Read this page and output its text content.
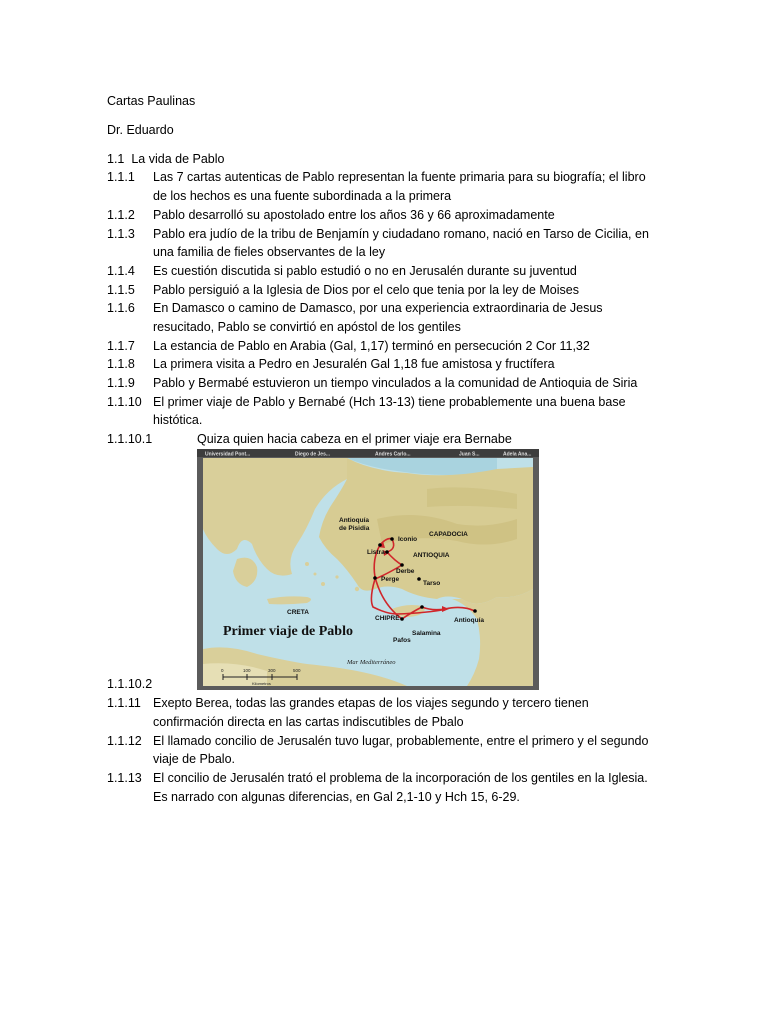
Cartas Paulinas
Dr. Eduardo
1.1 La vida de Pablo
1.1.1 Las 7 cartas autenticas de Pablo representan la fuente primaria para su biografía; el libro
de los hechos es una fuente subordinada a la primera
1.1.2 Pablo desarrolló su apostolado entre los años 36 y 66 aproximadamente
1.1.3 Pablo era judío de la tribu de Benjamín y ciudadano romano, nació en Tarso de Cicilia, en
una familia de fieles observantes de la ley
1.1.4 Es cuestión discutida si pablo estudió o no en Jerusalén durante su juventud
1.1.5 Pablo persiguió a la Iglesia de Dios por el celo que tenia por la ley de Moises
1.1.6 En Damasco o camino de Damasco, por una experiencia extraordinaria de Jesus
resucitado, Pablo se convirtió en apóstol de los gentiles
1.1.7 La estancia de Pablo en Arabia (Gal, 1,17) terminó en persecución 2 Cor 11,32
1.1.8 La primera visita a Pedro en Jesuralén Gal 1,18 fue amistosa y fructífera
1.1.9 Pablo y Bermabé estuvieron un tiempo vinculados a la comunidad de Antioquia de Siria
1.1.10 El primer viaje de Pablo y Bernabé (Hch 13-13) tiene probablemente una buena base
histótica.
1.1.10.1	Quiza quien hacia cabeza en el primer viaje era Bernabe
Universidad Pont...	Diego de Jes...	Andres Carlo...	Juan S...	Adela Ana...
Antioquía
de Pisidia
Iconio
CAPADOCIA
ANTIOQUIA
Listra
Derbe
Perge
Tarso
CRETA
CHIPRE	Antioquía
Salamina
Pafos
Primer viaje de Pablo
Mar Mediterráneo
0	100	300	500
Kilometros
1.1.10.2
1.1.11 Exepto Berea, todas las grandes etapas de los viajes segundo y tercero tienen
confirmación directa en las cartas indiscutibles de Pbalo
1.1.12 El llamado concilio de Jerusalén tuvo lugar, probablemente, entre el primero y el segundo
viaje de Pbalo.
1.1.13 El concilio de Jerusalén trató el problema de la incorporación de los gentiles en la Iglesia.
Es narrado con algunas diferencias, en Gal 2,1-10 y Hch 15, 6-29.
